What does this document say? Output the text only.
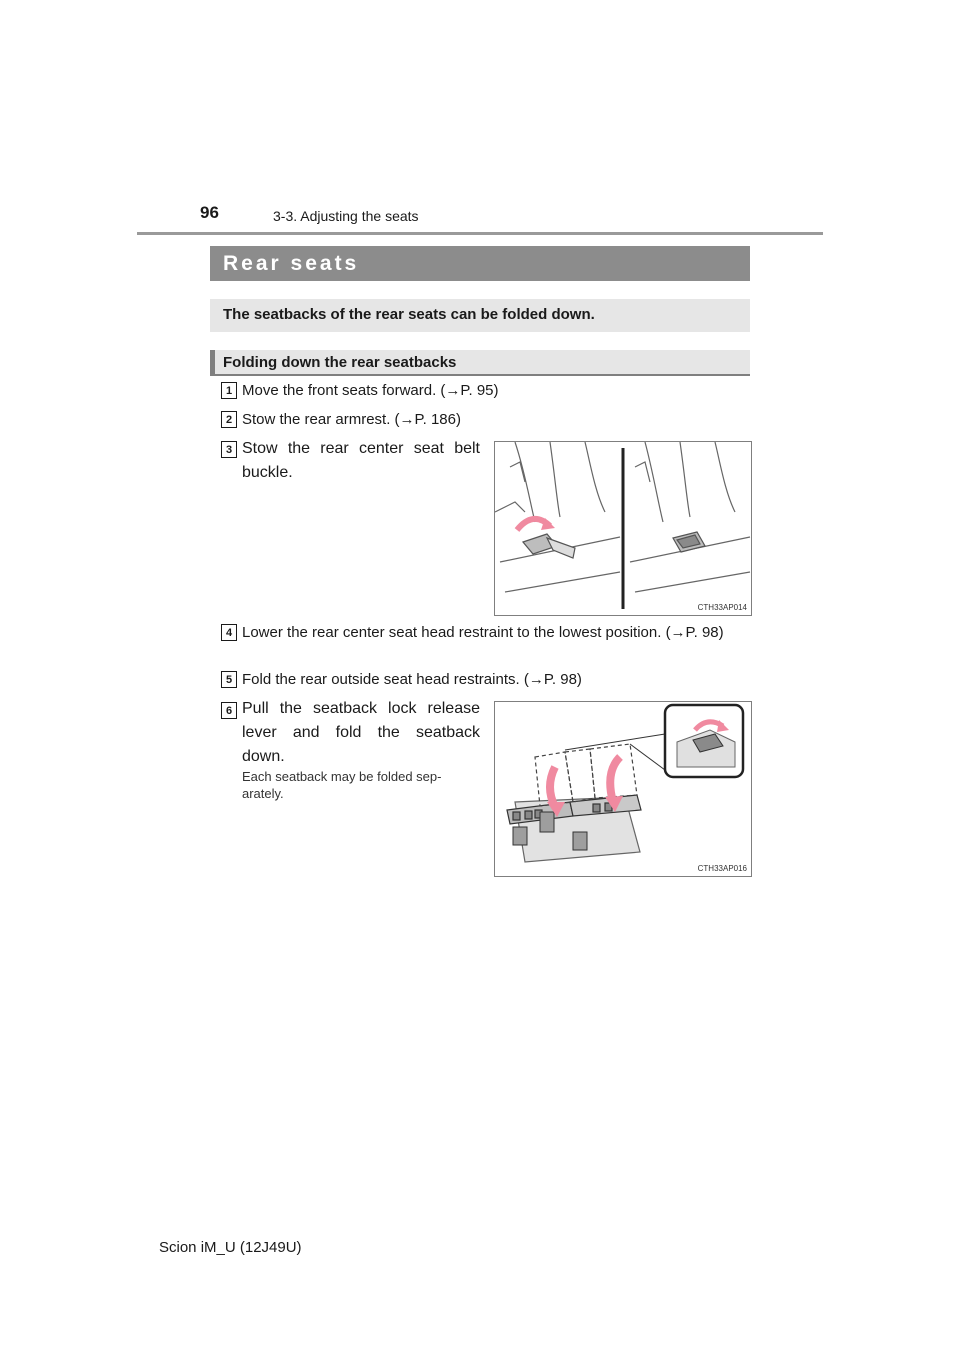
96	3-3. Adjusting the seats
Rear seats
The seatbacks of the rear seats can be folded down.
Folding down the rear seatbacks
1 Move the front seats forward. (→P. 95)
2 Stow the rear armrest. (→P. 186)
3 Stow the rear center seat belt buckle.
CTH33AP014
4 Lower the rear center seat head restraint to the lowest position. (→P. 98)
5 Fold the rear outside seat head restraints. (→P. 98)
6 Pull the seatback lock release lever and fold the seatback down.
Each seatback may be folded sep- arately.
CTH33AP016
Scion iM_U (12J49U)
